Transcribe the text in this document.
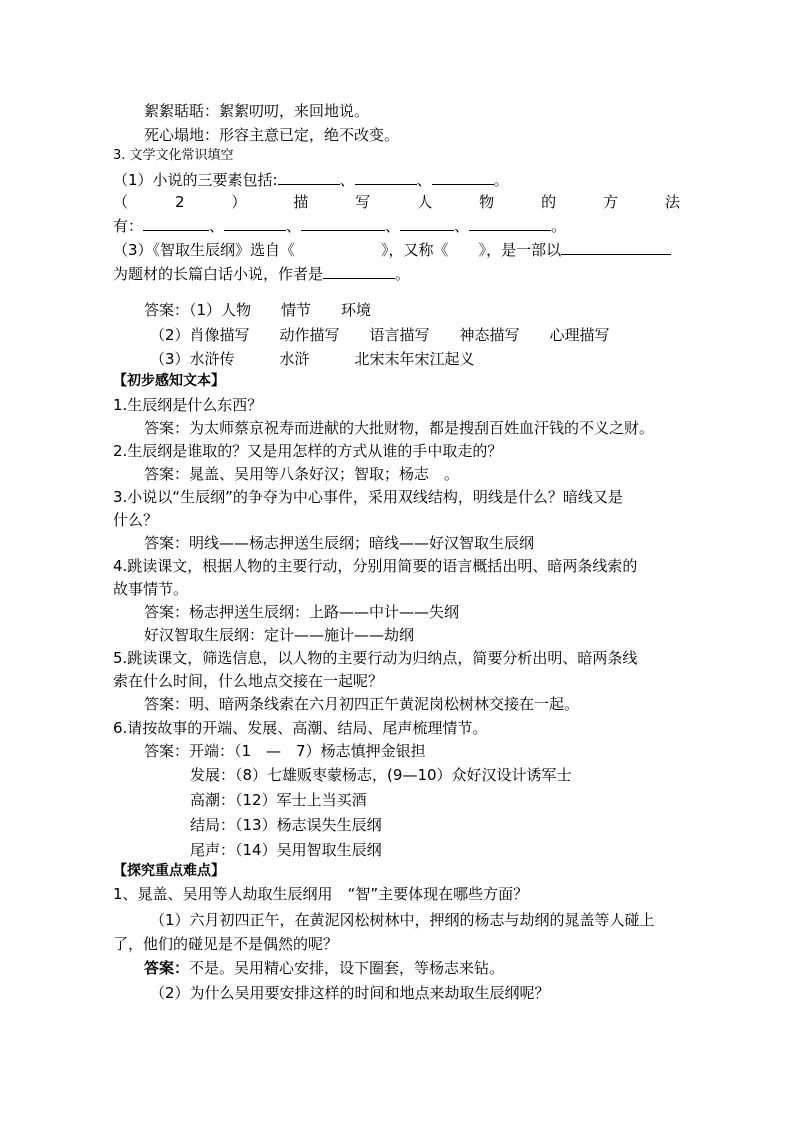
絮絮聒聒：絮絮叨叨，来回地说。
死心塌地：形容主意已定，绝不改变。
3. 文学文化常识填空
（1）小说的三要素包括:	、	、	。
（	2	）	描	写	人	物	的	方	法
有：	、	、	、	、	。
（3）《智取生辰纲》选自《	》，又称《 》，是一部以
为题材的长篇白话小说，作者是	。
答案：（1）人物　　情节　　环境
（2）肖像描写　　动作描写　　语言描写　　神态描写　　心理描写
（3）水浒传　　　水浒　　　北宋末年宋江起义
【初步感知文本】
1.生辰纲是什么东西？
答案：为太师蔡京祝寿而进献的大批财物，都是搜刮百姓血汗钱的不义之财。
2.生辰纲是谁取的？又是用怎样的方式从谁的手中取走的？
答案：晁盖、吴用等八条好汉；智取；杨志　。
3.小说以“生辰纲”的争夺为中心事件，采用双线结构，明线是什么？暗线又是
什么？
答案：明线——杨志押送生辰纲；暗线——好汉智取生辰纲
4.跳读课文，根据人物的主要行动，分别用简要的语言概括出明、暗两条线索的
故事情节。
答案：杨志押送生辰纲：上路——中计——失纲
好汉智取生辰纲：定计——施计——劫纲
5.跳读课文，筛选信息，以人物的主要行动为归纳点，简要分析出明、暗两条线
索在什么时间，什么地点交接在一起呢？
答案：明、暗两条线索在六月初四正午黄泥岗松树林交接在一起。
6.请按故事的开端、发展、高潮、结局、尾声梳理情节。
答案：开端：（1　—　7）杨志慎押金银担
发展：（8）七雄贩枣蒙杨志，(9—10）众好汉设计诱军士
高潮：（12）军士上当买酒
结局：（13）杨志误失生辰纲
尾声：（14）吴用智取生辰纲
【探究重点难点】
1、晁盖、吴用等人劫取生辰纲用　“智”主要体现在哪些方面？
（1）六月初四正午，在黄泥冈松树林中，押纲的杨志与劫纲的晁盖等人碰上
了，他们的碰见是不是偶然的呢？
答案：不是。吴用精心安排，设下圈套，等杨志来钻。
（2）为什么吴用要安排这样的时间和地点来劫取生辰纲呢？
